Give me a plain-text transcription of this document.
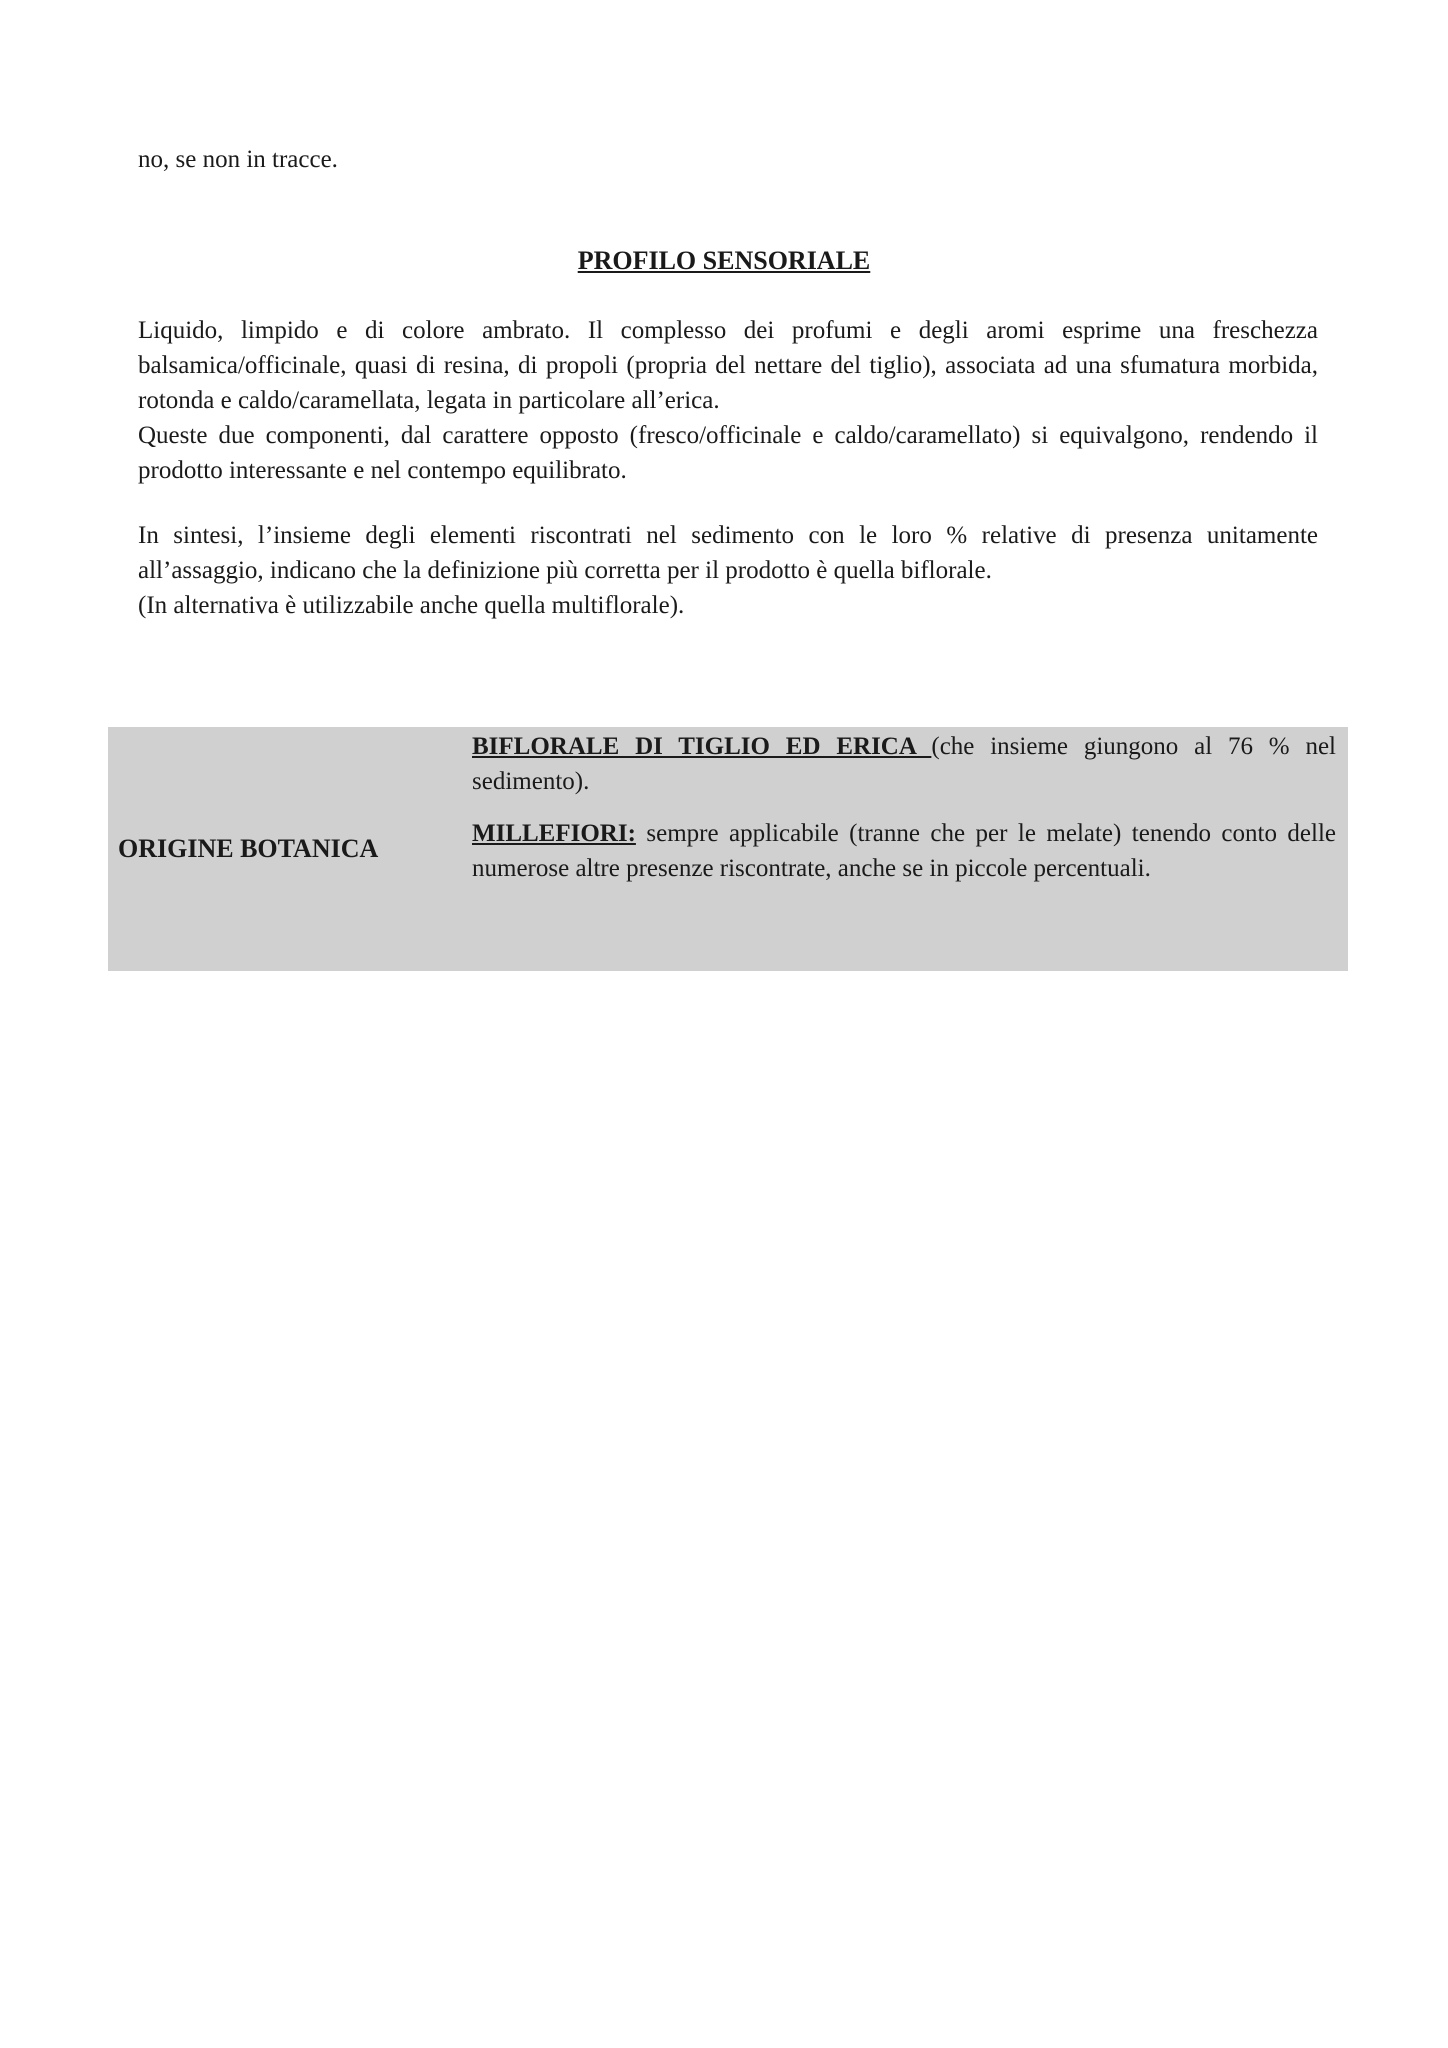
no, se non in tracce.
PROFILO SENSORIALE

Liquido, limpido e di colore ambrato. Il complesso dei profumi e degli aromi esprime una freschezza balsamica/officinale, quasi di resina, di propoli (propria del nettare del tiglio), associata ad una sfumatura morbida, rotonda e caldo/caramellata, legata in particolare all’erica.

Queste due componenti, dal carattere opposto (fresco/officinale e caldo/caramellato) si equivalgono, rendendo il prodotto interessante e nel contempo equilibrato.

In sintesi, l’insieme degli elementi riscontrati nel sedimento con le loro % relative di presenza unitamente all’assaggio, indicano che la definizione più corretta per il prodotto è quella biflorale.

(In alternativa è utilizzabile anche quella multiflorale).

ORIGINE BOTANICA

BIFLORALE DI TIGLIO ED ERICA (che insieme giungono al 76 % nel sedimento).

MILLEFIORI: sempre applicabile (tranne che per le melate) tenendo conto delle numerose altre presenze riscontrate, anche se in piccole percentuali.
